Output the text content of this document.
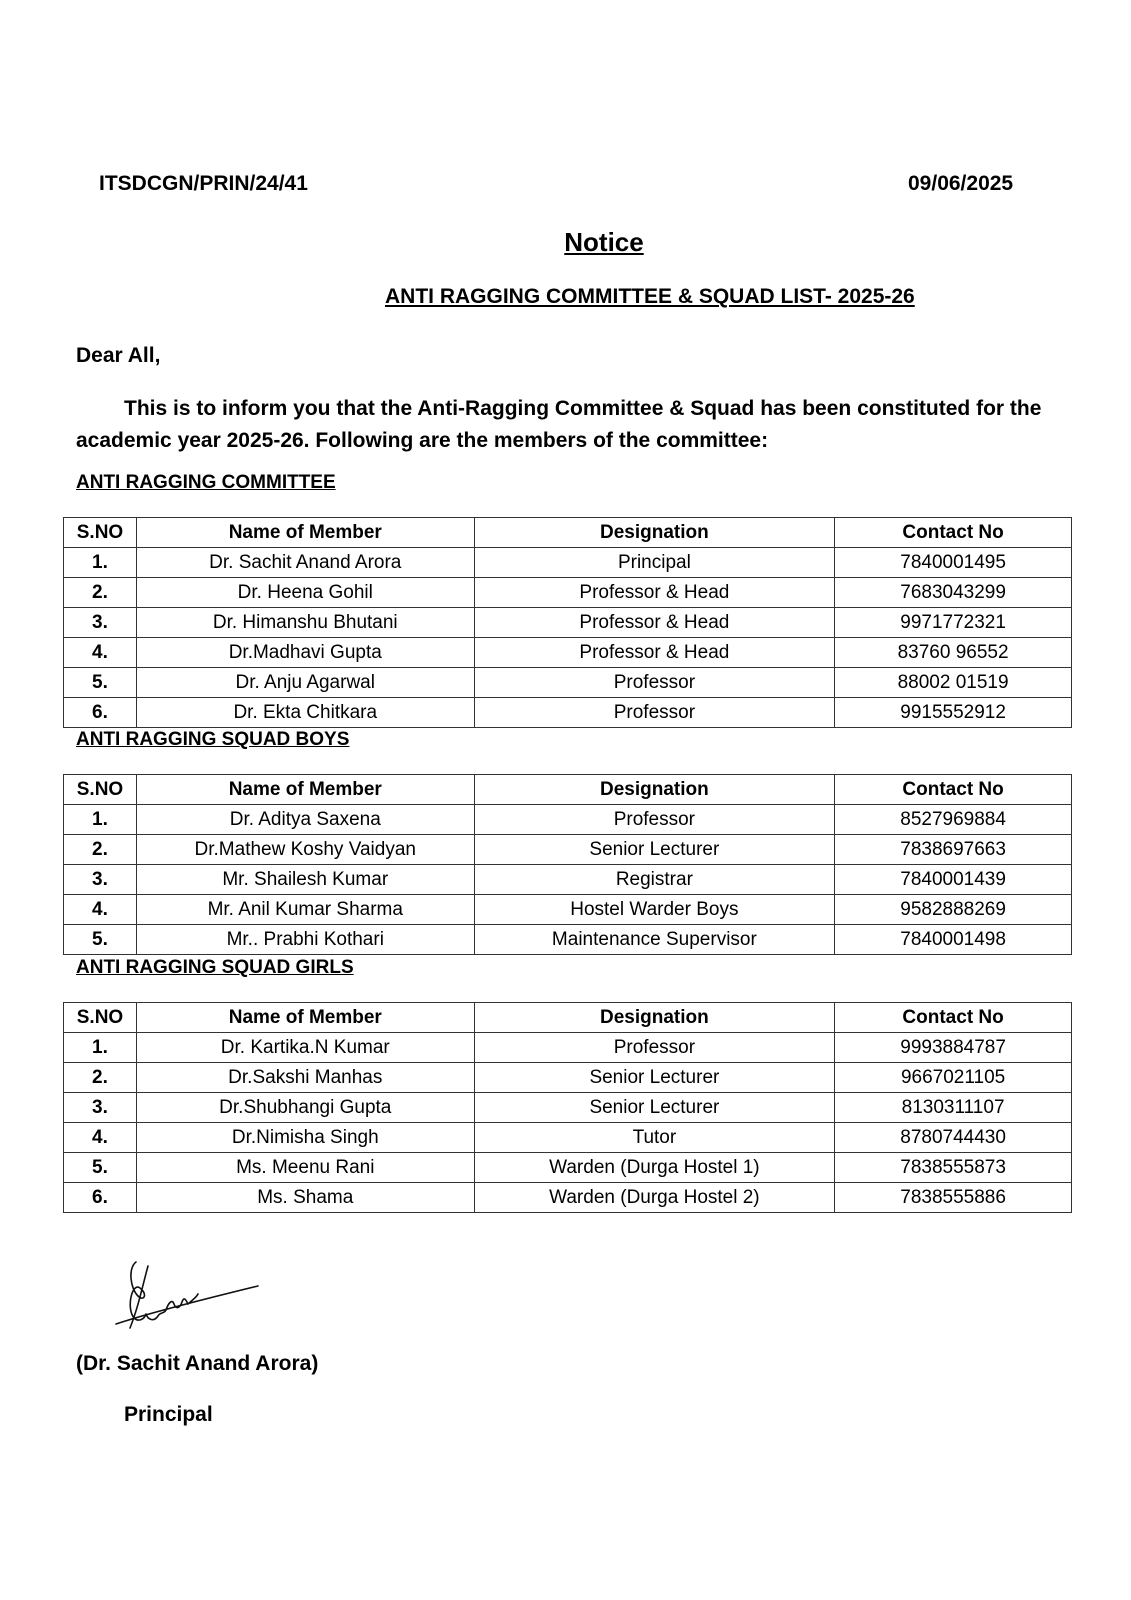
ITSDCGN/PRIN/24/41	09/06/2025
Notice
ANTI RAGGING COMMITTEE & SQUAD LIST- 2025-26
Dear All,
This is to inform you that the Anti-Ragging Committee & Squad has been constituted for the academic year 2025-26. Following are the members of the committee:
ANTI RAGGING COMMITTEE
S.NO	Name of Member	Designation	Contact No
1.	Dr. Sachit Anand Arora	Principal	7840001495
2.	Dr. Heena Gohil	Professor & Head	7683043299
3.	Dr. Himanshu Bhutani	Professor & Head	9971772321
4.	Dr.Madhavi Gupta	Professor & Head	83760 96552
5.	Dr. Anju Agarwal	Professor	88002 01519
6.	Dr. Ekta Chitkara	Professor	9915552912
ANTI RAGGING SQUAD BOYS
S.NO	Name of Member	Designation	Contact No
1.	Dr. Aditya Saxena	Professor	8527969884
2.	Dr.Mathew Koshy Vaidyan	Senior Lecturer	7838697663
3.	Mr. Shailesh Kumar	Registrar	7840001439
4.	Mr. Anil Kumar Sharma	Hostel Warder Boys	9582888269
5.	Mr.. Prabhi Kothari	Maintenance Supervisor	7840001498
ANTI RAGGING SQUAD GIRLS
S.NO	Name of Member	Designation	Contact No
1.	Dr. Kartika.N Kumar	Professor	9993884787
2.	Dr.Sakshi Manhas	Senior Lecturer	9667021105
3.	Dr.Shubhangi Gupta	Senior Lecturer	8130311107
4.	Dr.Nimisha Singh	Tutor	8780744430
5.	Ms. Meenu Rani	Warden (Durga Hostel 1)	7838555873
6.	Ms. Shama	Warden (Durga Hostel 2)	7838555886
(Dr. Sachit Anand Arora)
Principal
